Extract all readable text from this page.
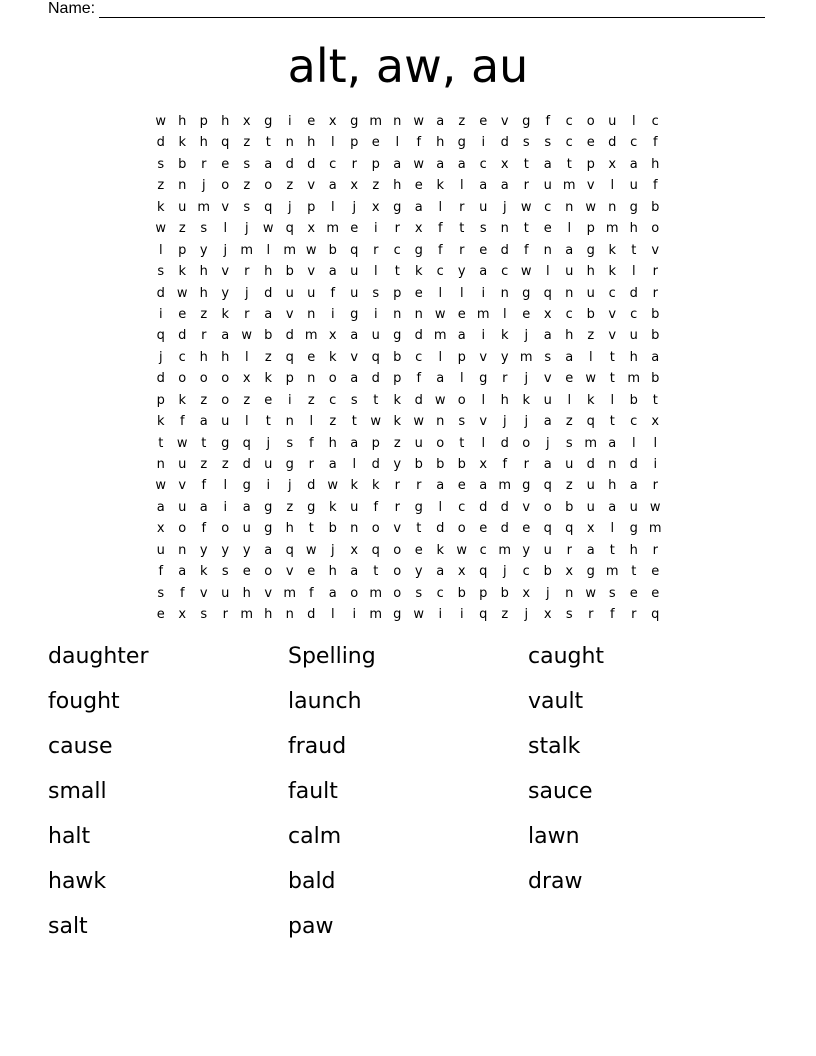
Name:
alt, aw, au
w h	p	h	x	g	i	e	x	g m n w a	z	e	v	g	f	c	o	u	l	c
d	k	h	q	z	t	n	h	l	p	e	l	f	h	g	i	d	s	s	c	e	d	c	f
s	b	r	e	s	a	d	d	c	r	p	a w a	a	c	x	t	a	t	p	x	a	h
z	n	j	o	z	o	z	v	a	x	z	h	e	k	l	a	a	r	u m v	l	u	f
k	u m v	s	q	j	p	l	j	x	g	a	l	r	u	j	w c	n w n	g	b
w z	s	l	j	w q	x m e	i	r	x	f	t	s	n	t	e	l	p m h	o
l	p	y	j	m	l	m w b	q	r	c	g	f	r	e	d	f	n	a	g	k	t	v
s	k	h	v	r	h	b	v	a	u	l	t	k	c	y	a	c w	l	u	h	k	l	r
d w h	y	j	d	u	u	f	u	s	p	e	l	l	i	n	g	q	n	u	c	d	r
i	e	z	k	r	a	v	n	i	g	i	n	n w e m	l	e	x	c	b	v	c	b
q	d	r	a w b	d m x	a	u	g	d m a	i	k	j	a	h	z	v	u	b
j	c	h	h	l	z	q	e	k	v	q	b	c	l	p	v	y m s	a	l	t	h	a
d	o	o	o	x	k	p	n	o	a	d	p	f	a	l	g	r	j	v	e w	t m b
p	k	z	o	z	e	i	z	c	s	t	k	d w o	l	h	k	u	l	k	l	b	t
k	f	a	u	l	t	n	l	z	t	w k w n	s	v	j	j	a	z	q	t	c	x
t	w	t	g	q	j	s	f	h	a	p	z	u	o	t	l	d	o	j	s m a	l	l
n	u	z	z	d	u	g	r	a	l	d	y	b	b	b	x	f	r	a	u	d	n	d	i
w v	f	l	g	i	j	d w k	k	r	r	a	e	a m g	q	z	u	h	a	r
a	u	a	i	a	g	z	g	k	u	f	r	g	l	c	d	d	v	o	b	u	a	u w
x	o	f	o	u	g	h	t	b	n	o	v	t	d	o	e	d	e	q	q	x	l	g m
u	n	y	y	y	a	q w	j	x	q	o	e	k w c m y	u	r	a	t	h	r
f	a	k	s	e	o	v	e	h	a	t	o	y	a	x	q	j	c	b	x	g m t	e
s	f	v	u	h	v m f	a	o m o	s	c	b	p	b	x	j	n w s	e	e
e	x	s	r m h	n	d	l	i	m g w	i	i	q	z	j	x	s	r	f	r	q
daughter	Spelling	caught
fought	launch	vault
cause	fraud	stalk
small	fault	sauce
halt	calm	lawn
hawk	bald	draw
salt	paw
